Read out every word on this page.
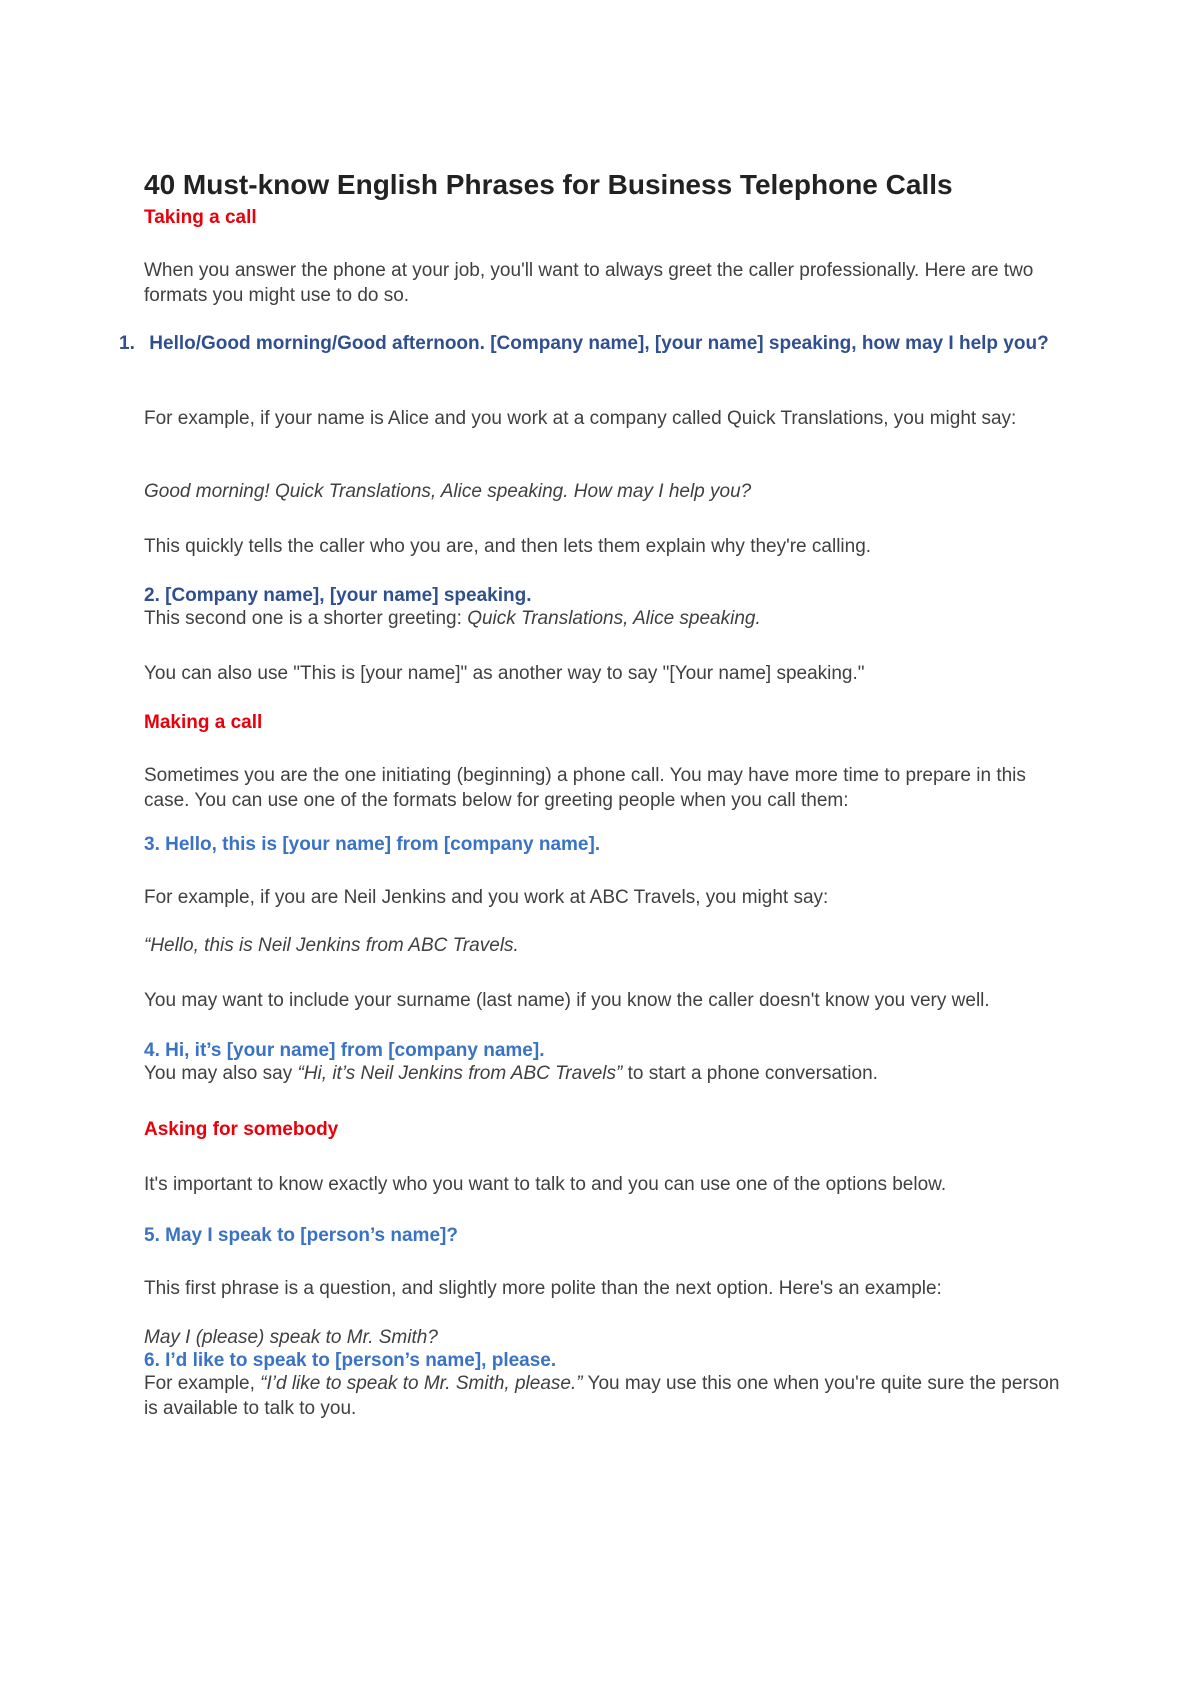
40 Must-know English Phrases for Business Telephone Calls
Taking a call
When you answer the phone at your job, you'll want to always greet the caller professionally. Here are two formats you might use to do so.
1. Hello/Good morning/Good afternoon. [Company name], [your name] speaking, how may I help you?
For example, if your name is Alice and you work at a company called Quick Translations, you might say:
Good morning! Quick Translations, Alice speaking. How may I help you?
This quickly tells the caller who you are, and then lets them explain why they're calling.
2. [Company name], [your name] speaking.
This second one is a shorter greeting: Quick Translations, Alice speaking.
You can also use "This is [your name]" as another way to say "[Your name] speaking."
Making a call
Sometimes you are the one initiating (beginning) a phone call. You may have more time to prepare in this case. You can use one of the formats below for greeting people when you call them:
3. Hello, this is [your name] from [company name].
For example, if you are Neil Jenkins and you work at ABC Travels, you might say:
“Hello, this is Neil Jenkins from ABC Travels.
You may want to include your surname (last name) if you know the caller doesn't know you very well.
4. Hi, it’s [your name] from [company name].
You may also say “Hi, it’s Neil Jenkins from ABC Travels” to start a phone conversation.
Asking for somebody
It's important to know exactly who you want to talk to and you can use one of the options below.
5. May I speak to [person’s name]?
This first phrase is a question, and slightly more polite than the next option. Here's an example:
May I (please) speak to Mr. Smith?
6. I’d like to speak to [person’s name], please.
For example, “I’d like to speak to Mr. Smith, please.” You may use this one when you're quite sure the person is available to talk to you.
